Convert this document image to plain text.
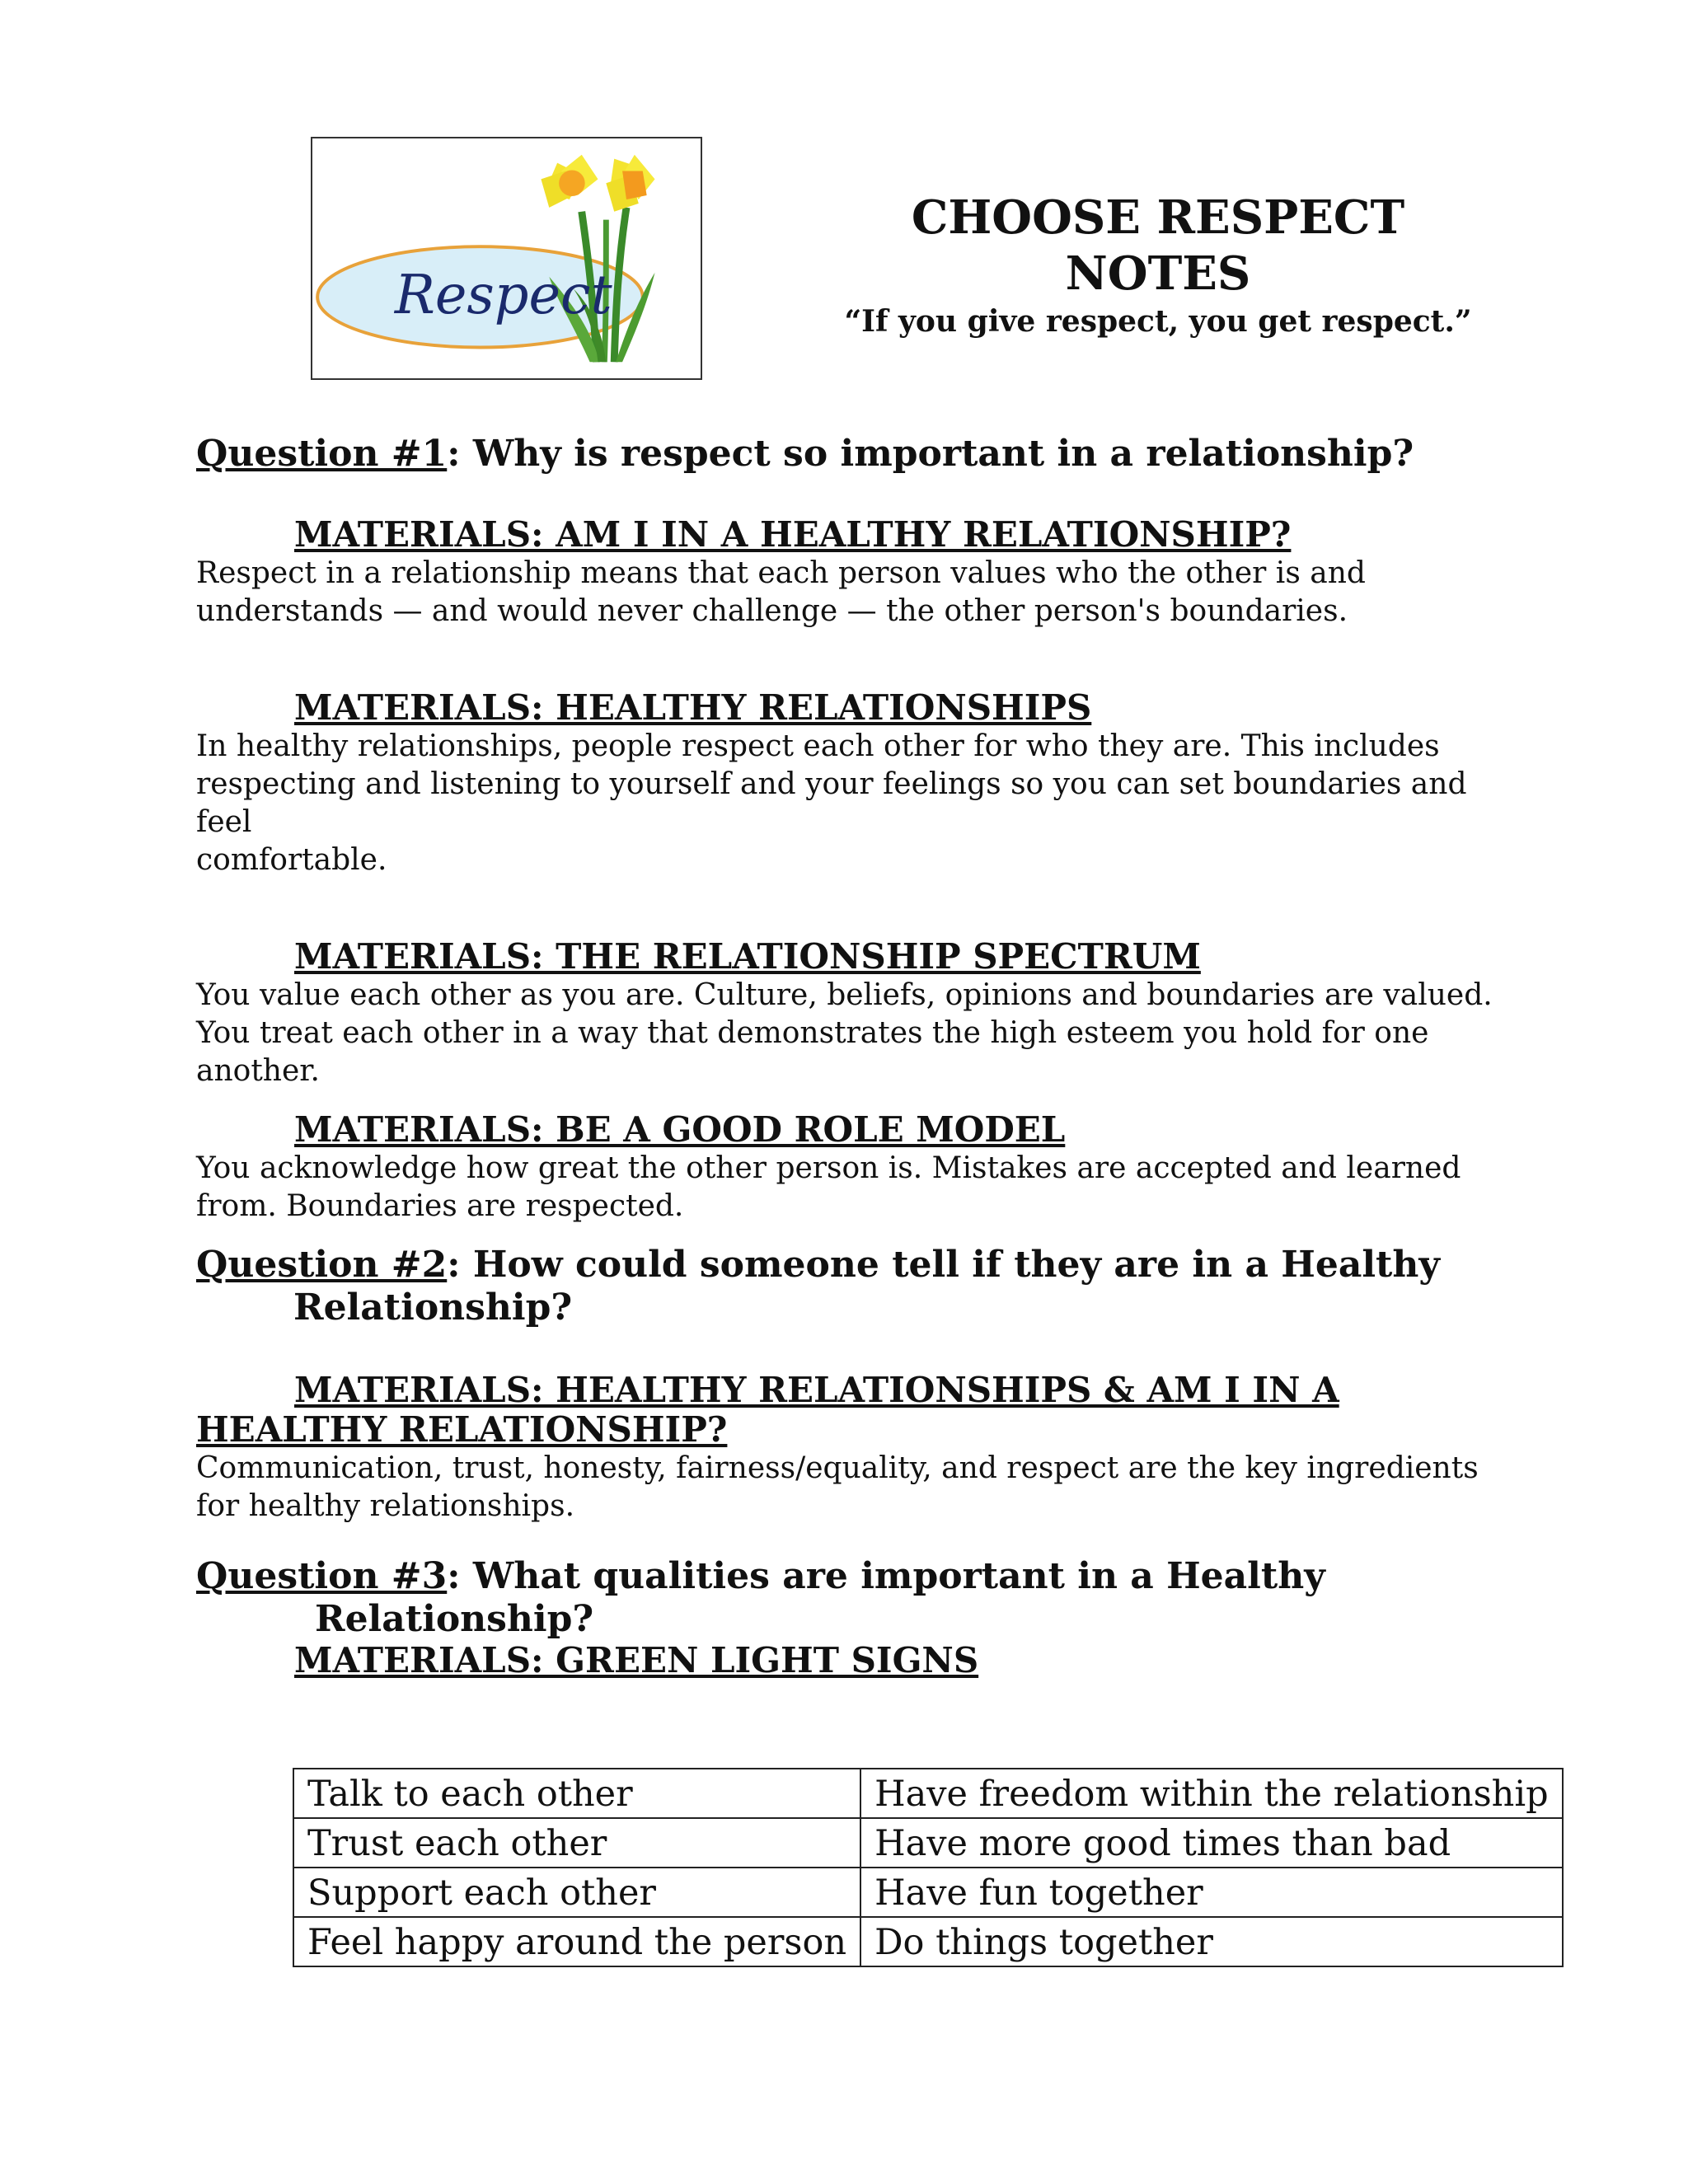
Respect
CHOOSE RESPECT
NOTES
“If you give respect, you get respect.”
Question #1: Why is respect so important in a relationship?
MATERIALS: AM I IN A HEALTHY RELATIONSHIP?
Respect in a relationship means that each person values who the other is and
understands — and would never challenge — the other person's boundaries.
MATERIALS: HEALTHY RELATIONSHIPS
In healthy relationships, people respect each other for who they are. This includes
respecting and listening to yourself and your feelings so you can set boundaries and feel
comfortable.
MATERIALS: THE RELATIONSHIP SPECTRUM
You value each other as you are. Culture, beliefs, opinions and boundaries are valued.
You treat each other in a way that demonstrates the high esteem you hold for one
another.
MATERIALS: BE A GOOD ROLE MODEL
You acknowledge how great the other person is. Mistakes are accepted and learned
from. Boundaries are respected.
Question #2: How could someone tell if they are in a Healthy
Relationship?
MATERIALS: HEALTHY RELATIONSHIPS & AM I IN A
HEALTHY RELATIONSHIP?
Communication, trust, honesty, fairness/equality, and respect are the key ingredients
for healthy relationships.
Question #3: What qualities are important in a Healthy
Relationship?
MATERIALS: GREEN LIGHT SIGNS
Talk to each other	Have freedom within the relationship
Trust each other	Have more good times than bad
Support each other	Have fun together
Feel happy around the person	Do things together
